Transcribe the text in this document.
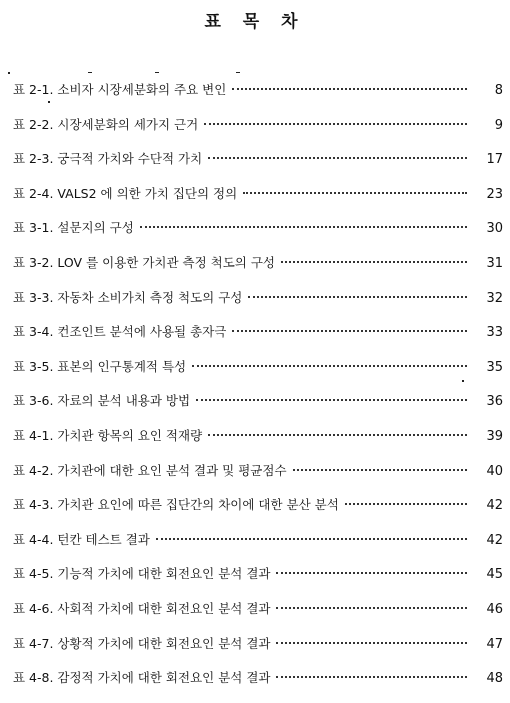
표 목 차
표 2-1. 소비자 시장세분화의 주요 변인	8
표 2-2. 시장세분화의 세가지 근거	9
표 2-3. 궁극적 가치와 수단적 가치	17
표 2-4. VALS2 에 의한 가치 집단의 정의	23
표 3-1. 설문지의 구성	30
표 3-2. LOV 를 이용한 가치관 측정 척도의 구성	31
표 3-3. 자동차 소비가치 측정 척도의 구성	32
표 3-4. 컨조인트 분석에 사용될 총자극	33
표 3-5. 표본의 인구통계적 특성	35
표 3-6. 자료의 분석 내용과 방법	36
표 4-1. 가치관 항목의 요인 적재량	39
표 4-2. 가치관에 대한 요인 분석 결과 및 평균점수	40
표 4-3. 가치관 요인에 따른 집단간의 차이에 대한 분산 분석	42
표 4-4. 턴칸 테스트 결과	42
표 4-5. 기능적 가치에 대한 회전요인 분석 결과	45
표 4-6. 사회적 가치에 대한 회전요인 분석 결과	46
표 4-7. 상황적 가치에 대한 회전요인 분석 결과	47
표 4-8. 감정적 가치에 대한 회전요인 분석 결과	48
